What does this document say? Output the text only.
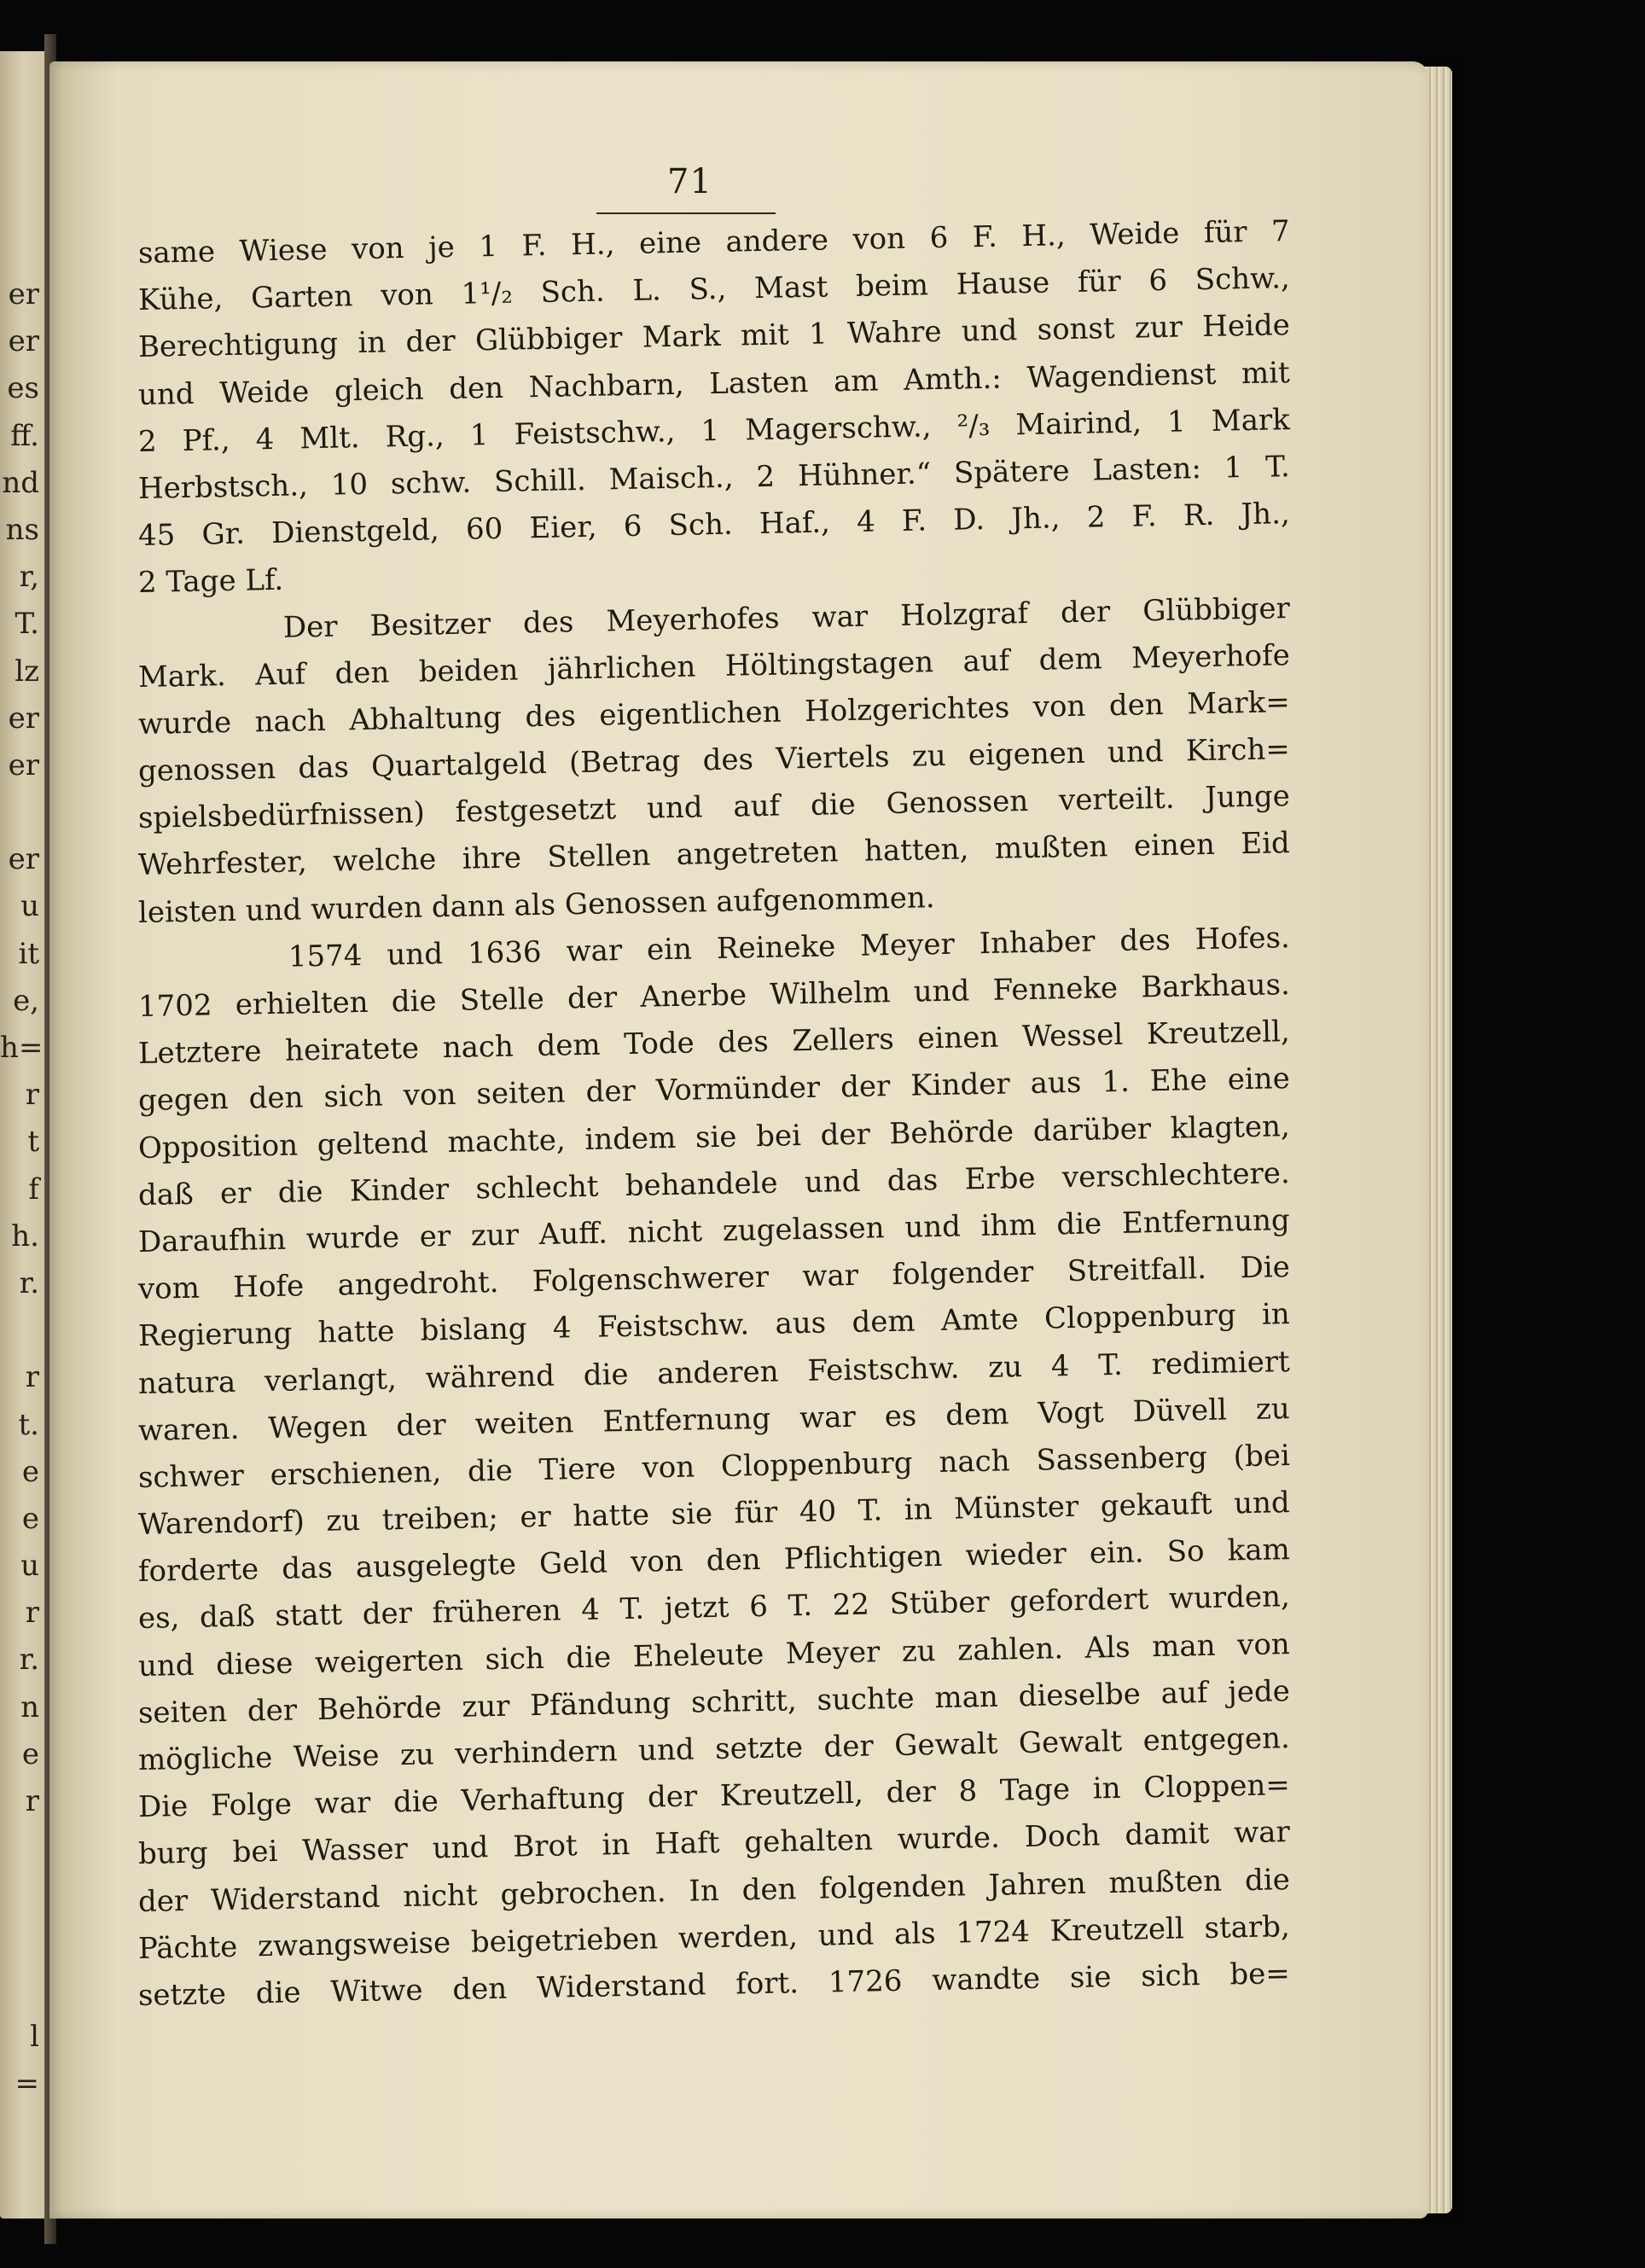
er
er
es
ff.
nd
ns
r,
T.
lz
er
er
er
u
it
e,
h=
r
t
f
h.
r.
r
t.
e
e
u
r
r.
n
e
r
l
=
71
same Wiese von je 1 F. H., eine andere von 6 F. H., Weide für 7
Kühe, Garten von 1¹/₂ Sch. L. S., Mast beim Hause für 6 Schw.,
Berechtigung in der Glübbiger Mark mit 1 Wahre und sonst zur Heide
und Weide gleich den Nachbarn, Lasten am Amth.: Wagendienst mit
2 Pf., 4 Mlt. Rg., 1 Feistschw., 1 Magerschw., ²/₃ Mairind, 1 Mark
Herbstsch., 10 schw. Schill. Maisch., 2 Hühner.“ Spätere Lasten: 1 T.
45 Gr. Dienstgeld, 60 Eier, 6 Sch. Haf., 4 F. D. Jh., 2 F. R. Jh.,
2 Tage Lf.
Der Besitzer des Meyerhofes war Holzgraf der Glübbiger
Mark. Auf den beiden jährlichen Höltingstagen auf dem Meyerhofe
wurde nach Abhaltung des eigentlichen Holzgerichtes von den Mark=
genossen das Quartalgeld (Betrag des Viertels zu eigenen und Kirch=
spielsbedürfnissen) festgesetzt und auf die Genossen verteilt. Junge
Wehrfester, welche ihre Stellen angetreten hatten, mußten einen Eid
leisten und wurden dann als Genossen aufgenommen.
1574 und 1636 war ein Reineke Meyer Inhaber des Hofes.
1702 erhielten die Stelle der Anerbe Wilhelm und Fenneke Barkhaus.
Letztere heiratete nach dem Tode des Zellers einen Wessel Kreutzell,
gegen den sich von seiten der Vormünder der Kinder aus 1. Ehe eine
Opposition geltend machte, indem sie bei der Behörde darüber klagten,
daß er die Kinder schlecht behandele und das Erbe verschlechtere.
Daraufhin wurde er zur Auff. nicht zugelassen und ihm die Entfernung
vom Hofe angedroht. Folgenschwerer war folgender Streitfall. Die
Regierung hatte bislang 4 Feistschw. aus dem Amte Cloppenburg in
natura verlangt, während die anderen Feistschw. zu 4 T. redimiert
waren. Wegen der weiten Entfernung war es dem Vogt Düvell zu
schwer erschienen, die Tiere von Cloppenburg nach Sassenberg (bei
Warendorf) zu treiben; er hatte sie für 40 T. in Münster gekauft und
forderte das ausgelegte Geld von den Pflichtigen wieder ein. So kam
es, daß statt der früheren 4 T. jetzt 6 T. 22 Stüber gefordert wurden,
und diese weigerten sich die Eheleute Meyer zu zahlen. Als man von
seiten der Behörde zur Pfändung schritt, suchte man dieselbe auf jede
mögliche Weise zu verhindern und setzte der Gewalt Gewalt entgegen.
Die Folge war die Verhaftung der Kreutzell, der 8 Tage in Cloppen=
burg bei Wasser und Brot in Haft gehalten wurde. Doch damit war
der Widerstand nicht gebrochen. In den folgenden Jahren mußten die
Pächte zwangsweise beigetrieben werden, und als 1724 Kreutzell starb,
setzte die Witwe den Widerstand fort. 1726 wandte sie sich be=
